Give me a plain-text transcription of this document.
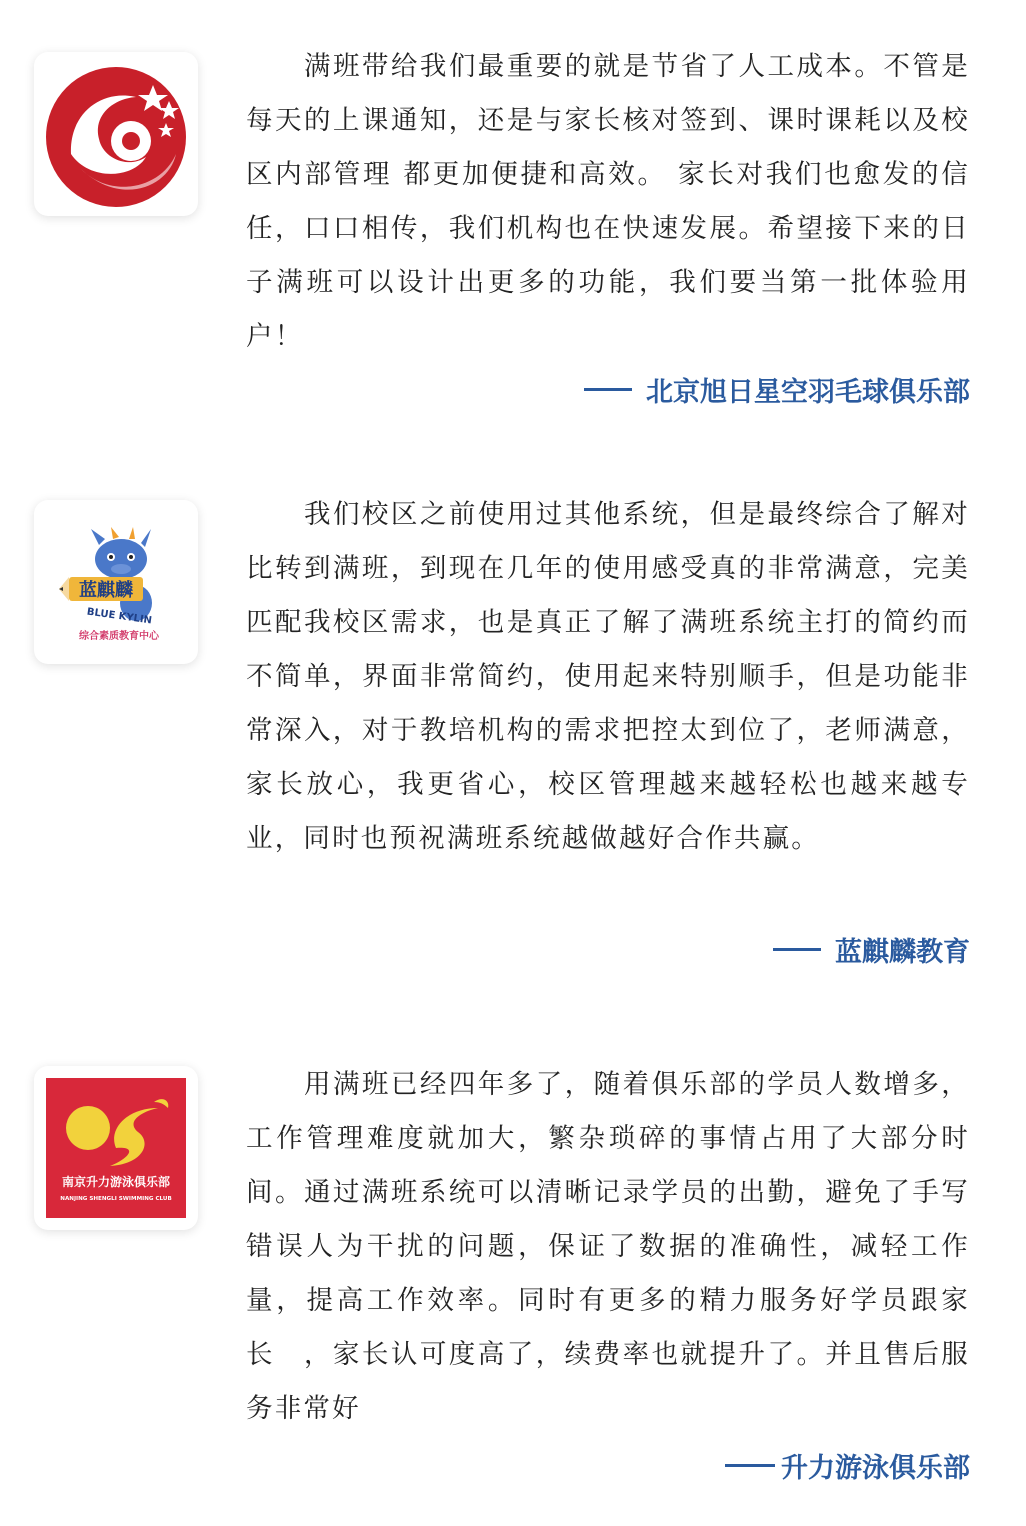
满班带给我们最重要的就是节省了人工成本。不管是每天的上课通知，还是与家长核对签到、课时课耗以及校区内部管理 都更加便捷和高效。 家长对我们也愈发的信任，口口相传，我们机构也在快速发展。希望接下来的日子满班可以设计出更多的功能，我们要当第一批体验用户！

北京旭日星空羽毛球俱乐部
蓝麒麟
BLUE KYLIN
综合素质教育中心

我们校区之前使用过其他系统，但是最终综合了解对比转到满班，到现在几年的使用感受真的非常满意，完美匹配我校区需求，也是真正了解了满班系统主打的简约而不简单，界面非常简约，使用起来特别顺手，但是功能非常深入，对于教培机构的需求把控太到位了，老师满意，家长放心，我更省心，校区管理越来越轻松也越来越专业，同时也预祝满班系统越做越好合作共赢。

蓝麒麟教育
南京升力游泳俱乐部
NANJING SHENGLI SWIMMING CLUB

用满班已经四年多了，随着俱乐部的学员人数增多，工作管理难度就加大，繁杂琐碎的事情占用了大部分时间。通过满班系统可以清晰记录学员的出勤，避免了手写错误人为干扰的问题，保证了数据的准确性，减轻工作量，提高工作效率。同时有更多的精力服务好学员跟家长　，家长认可度高了，续费率也就提升了。并且售后服务非常好

升力游泳俱乐部
